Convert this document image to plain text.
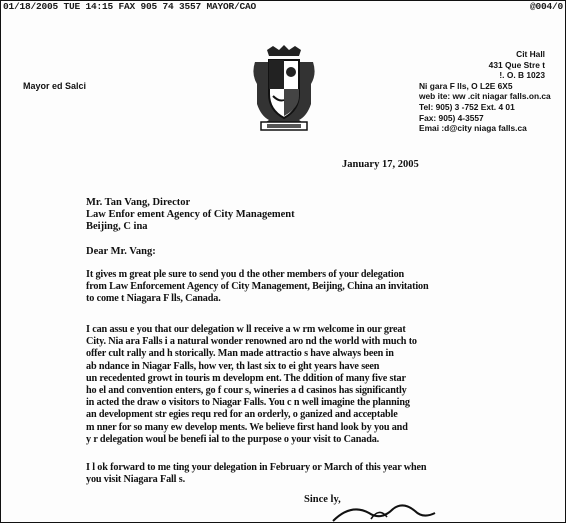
01/18/2005 TUE 14:15 FAX 905 74 3557 MAYOR/CAO	@004/0
Mayor ed Salci
Cit Hall
431 Que Stre t
!. O. B 1023
Ni gara F lls, O L2E 6X5
web ite: ww .cit niagar falls.on.ca
Tel: 905) 3 -752 Ext. 4 01
Fax: 905) 4-3557
Emai :d@city niaga falls.ca
January 17, 2005
Mr. Tan Vang, Director
Law Enfor ement Agency of City Management
Beijing, C ina
Dear Mr. Vang:
It gives m great ple sure to send you d the other members of your delegation
from Law Enforcement Agency of City Management, Beijing, China an invitation
to come t Niagara F lls, Canada.
I can assu e you that our delegation w ll receive a w rm welcome in our great
City. Nia ara Falls i a natural wonder renowned aro nd the world with much to
offer cult rally and h storically. Man made attractio s have always been in
ab ndance in Niagar Falls, how ver, th last six to ei ght years have seen
un recedented growt in touris m developm ent. The ddition of many five star
ho el and convention enters, go f cour s, wineries a d casinos has significantly
in acted the draw o visitors to Niagar Falls. You c n well imagine the planning
an development str egies requ red for an orderly, o ganized and acceptable
m nner for so many ew develop ments. We believe first hand look by you and
y r delegation woul be benefi ial to the purpose o your visit to Canada.
I l ok forward to me ting your delegation in February or March of this year when
you visit Niagara Fall s.
Since ly,
